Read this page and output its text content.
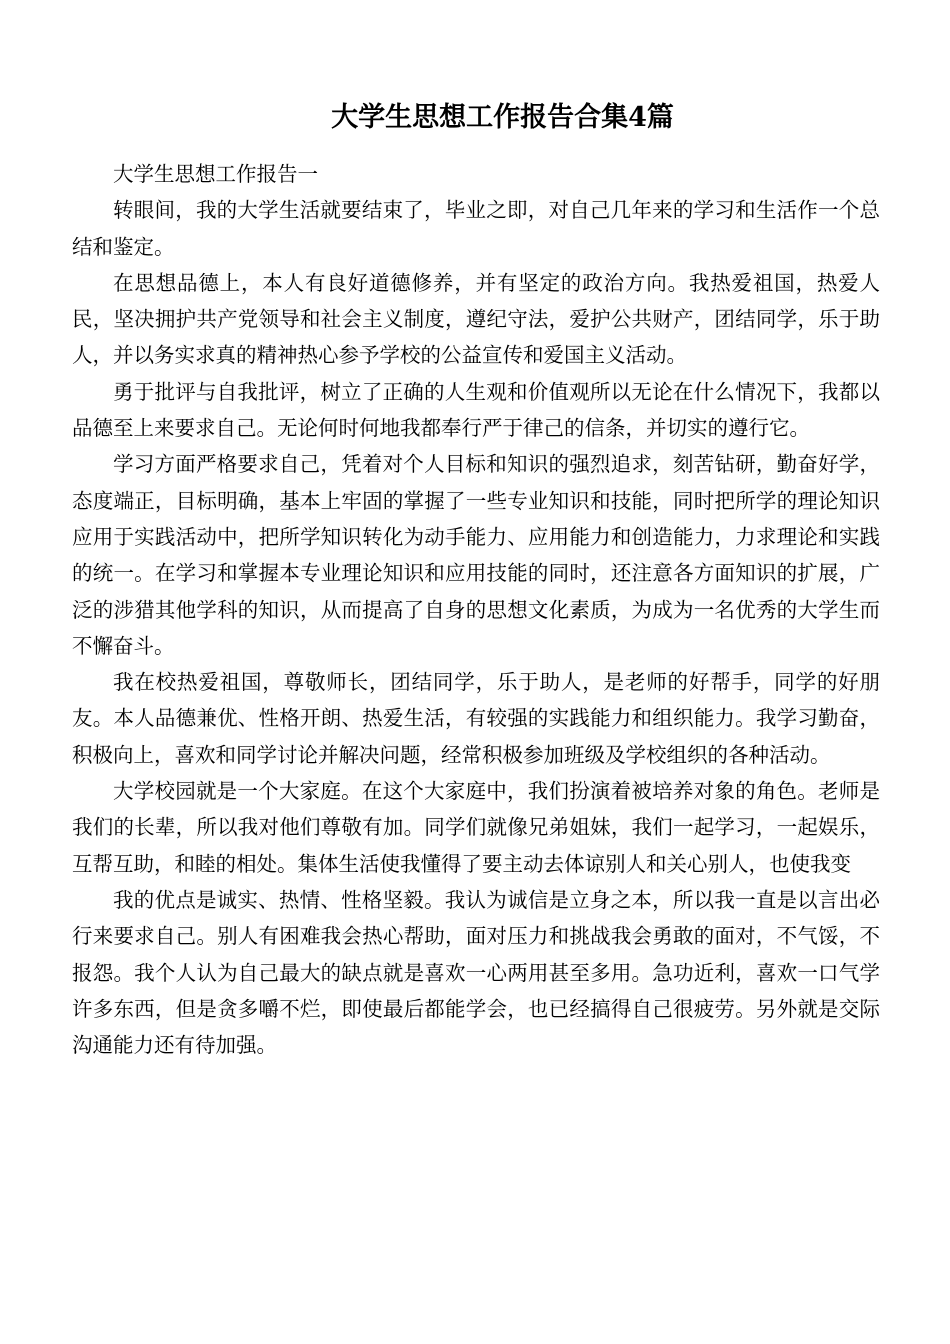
大学生思想工作报告合集4篇

大学生思想工作报告一

转眼间，我的大学生活就要结束了，毕业之即，对自己几年来的学习和生活作一个总结和鉴定。

在思想品德上，本人有良好道德修养，并有坚定的政治方向。我热爱祖国，热爱人民，坚决拥护共产党领导和社会主义制度，遵纪守法，爱护公共财产，团结同学，乐于助人，并以务实求真的精神热心参予学校的公益宣传和爱国主义活动。

勇于批评与自我批评，树立了正确的人生观和价值观所以无论在什么情况下，我都以品德至上来要求自己。无论何时何地我都奉行严于律己的信条，并切实的遵行它。

学习方面严格要求自己，凭着对个人目标和知识的强烈追求，刻苦钻研，勤奋好学，态度端正，目标明确，基本上牢固的掌握了一些专业知识和技能，同时把所学的理论知识应用于实践活动中，把所学知识转化为动手能力、应用能力和创造能力，力求理论和实践的统一。在学习和掌握本专业理论知识和应用技能的同时，还注意各方面知识的扩展，广泛的涉猎其他学科的知识，从而提高了自身的思想文化素质，为成为一名优秀的大学生而不懈奋斗。

我在校热爱祖国，尊敬师长，团结同学，乐于助人，是老师的好帮手，同学的好朋友。本人品德兼优、性格开朗、热爱生活，有较强的实践能力和组织能力。我学习勤奋，积极向上，喜欢和同学讨论并解决问题，经常积极参加班级及学校组织的各种活动。

大学校园就是一个大家庭。在这个大家庭中，我们扮演着被培养对象的角色。老师是我们的长辈，所以我对他们尊敬有加。同学们就像兄弟姐妹，我们一起学习，一起娱乐，互帮互助，和睦的相处。集体生活使我懂得了要主动去体谅别人和关心别人，也使我变

我的优点是诚实、热情、性格坚毅。我认为诚信是立身之本，所以我一直是以言出必行来要求自己。别人有困难我会热心帮助，面对压力和挑战我会勇敢的面对，不气馁，不报怨。我个人认为自己最大的缺点就是喜欢一心两用甚至多用。急功近利，喜欢一口气学许多东西，但是贪多嚼不烂，即使最后都能学会，也已经搞得自己很疲劳。另外就是交际沟通能力还有待加强。
